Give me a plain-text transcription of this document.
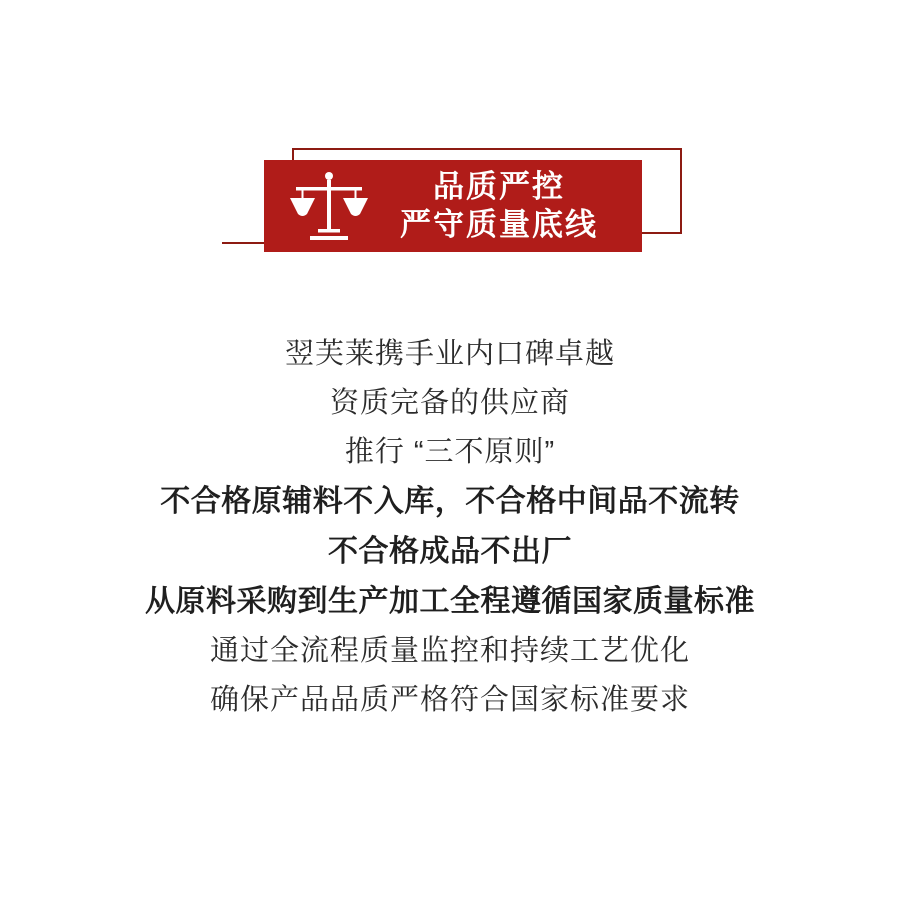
品质严控
严守质量底线
翌芙莱携手业内口碑卓越
资质完备的供应商
推行 “三不原则”
不合格原辅料不入库，不合格中间品不流转
不合格成品不出厂
从原料采购到生产加工全程遵循国家质量标准
通过全流程质量监控和持续工艺优化
确保产品品质严格符合国家标准要求
